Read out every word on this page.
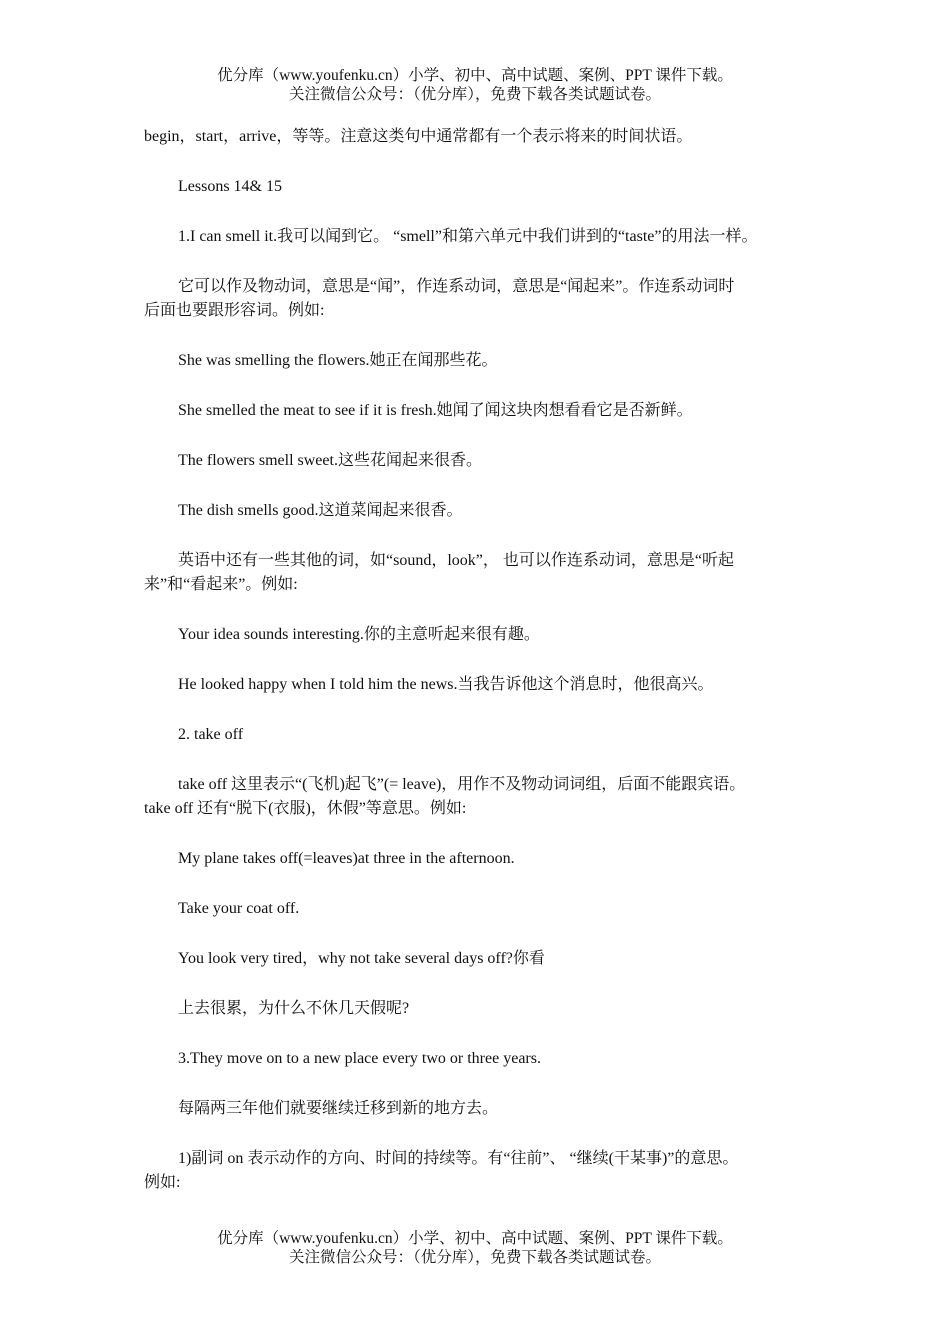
优分库（www.youfenku.cn）小学、初中、高中试题、案例、PPT 课件下载。
关注微信公众号：（优分库），免费下载各类试题试卷。
begin，start，arrive，等等。注意这类句中通常都有一个表示将来的时间状语。
Lessons 14& 15
1.I can smell it.我可以闻到它。 “smell”和第六单元中我们讲到的“taste”的用法一样。
它可以作及物动词，意思是“闻”，作连系动词，意思是“闻起来”。作连系动词时
后面也要跟形容词。例如:
She was smelling the flowers.她正在闻那些花。
She smelled the meat to see if it is fresh.她闻了闻这块肉想看看它是否新鲜。
The flowers smell sweet.这些花闻起来很香。
The dish smells good.这道菜闻起来很香。
英语中还有一些其他的词，如“sound，look”， 也可以作连系动词，意思是“听起
来”和“看起来”。例如:
Your idea sounds interesting.你的主意听起来很有趣。
He looked happy when I told him the news.当我告诉他这个消息时，他很高兴。
2. take off
take off 这里表示“(飞机)起飞”(= leave)，用作不及物动词词组，后面不能跟宾语。
take off 还有“脱下(衣服)，休假”等意思。例如:
My plane takes off(=leaves)at three in the afternoon.
Take your coat off.
You look very tired，why not take several days off?你看
上去很累，为什么不休几天假呢?
3.They move on to a new place every two or three years.
每隔两三年他们就要继续迁移到新的地方去。
1)副词 on 表示动作的方向、时间的持续等。有“往前”、 “继续(干某事)”的意思。
例如:
优分库（www.youfenku.cn）小学、初中、高中试题、案例、PPT 课件下载。
关注微信公众号：（优分库），免费下载各类试题试卷。
